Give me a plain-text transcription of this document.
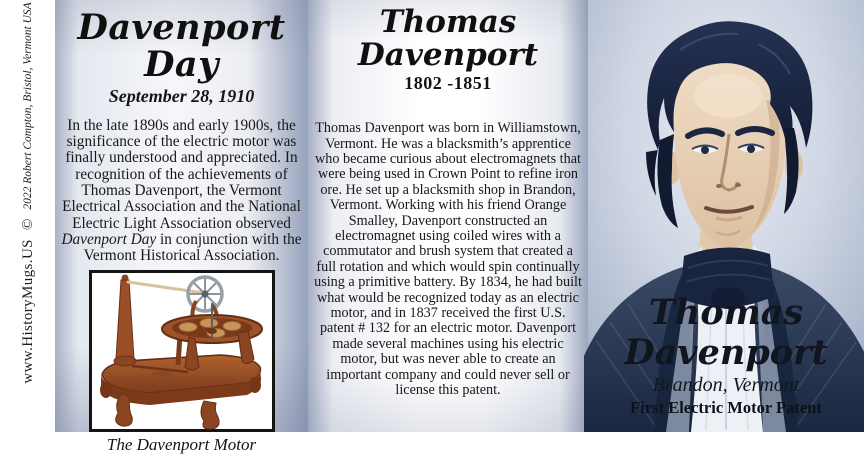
www.HistoryMugs.US
©
2022 Robert Compton, Bristol, Vermont USA	Davenport Day
September 28, 1910

In the late 1890s and early 1900s, the significance of the electric motor was finally understood and appreciated. In recognition of the achievements of Thomas Davenport, the Vermont Electrical Association and the National Electric Light Association observed Davenport Day in conjunction with the Vermont Historical Association.

The Davenport Motor
Thomas Davenport
1802 -1851

Thomas Davenport was born in Williamstown, Vermont. He was a blacksmith’s apprentice who became curious about electromagnets that were being used in Crown Point to refine iron ore. He set up a blacksmith shop in Brandon, Vermont. Working with his friend Orange Smalley, Davenport constructed an electromagnet using coiled wires with a commutator and brush system that created a full rotation and which would spin continually using a primitive battery. By 1834, he had built what would be recognized today as an electric motor, and in 1837 received the first U.S. patent # 132 for an electric motor. Davenport made several machines using his electric motor, but was never able to create an important company and could never sell or license this patent.

Thomas
Davenport
Brandon, Vermont
First Electric Motor Patent
